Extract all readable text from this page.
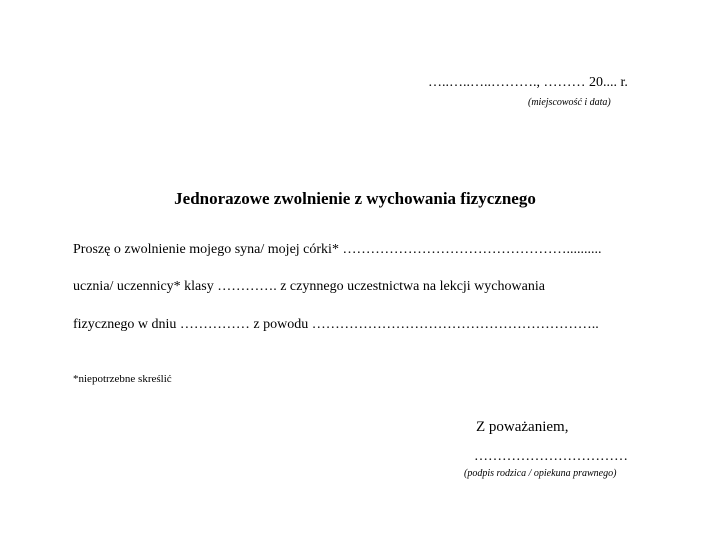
…..…..…..………., ……… 20.... r.
(miejscowość i data)
Jednorazowe zwolnienie z wychowania fizycznego
Proszę o zwolnienie mojego syna/ mojej córki* …………………………………………..........
ucznia/ uczennicy* klasy …………. z czynnego uczestnictwa na lekcji wychowania
fizycznego w dniu …………… z powodu ……………………………………………………..
*niepotrzebne skreślić
Z poważaniem,
……………………………
(podpis rodzica / opiekuna prawnego)
